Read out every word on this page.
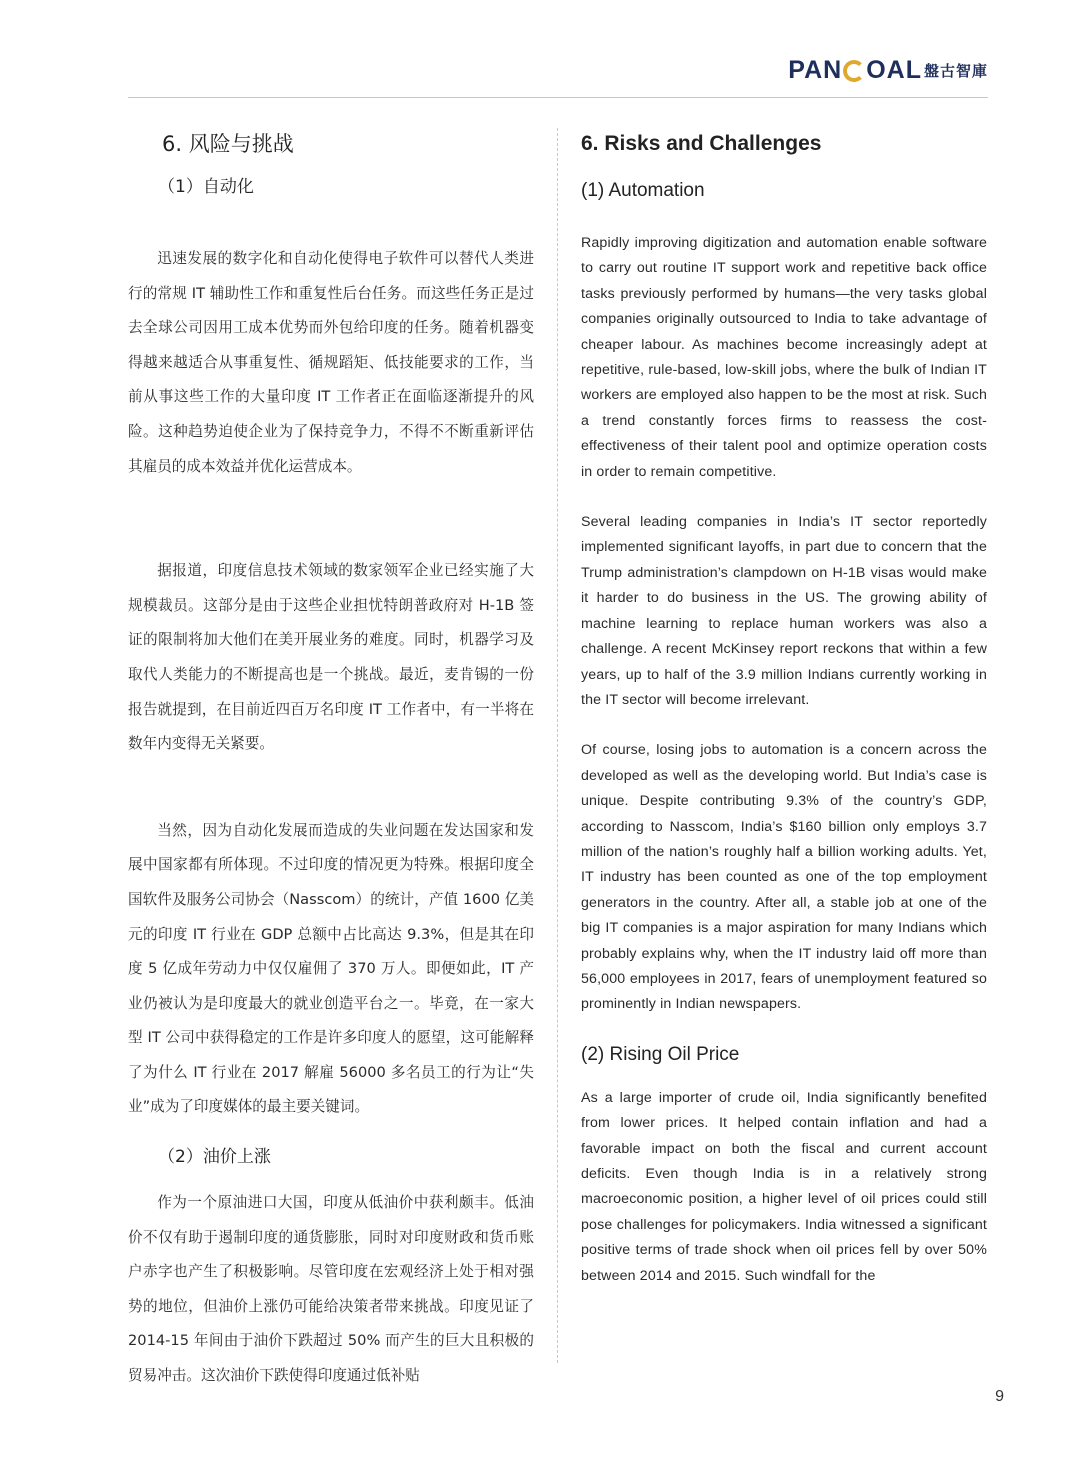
PAN OAL 盤古智庫
6. 风险与挑战
（1）自动化

迅速发展的数字化和自动化使得电子软件可以替代人类进行的常规 IT 辅助性工作和重复性后台任务。而这些任务正是过去全球公司因用工成本优势而外包给印度的任务。随着机器变得越来越适合从事重复性、循规蹈矩、低技能要求的工作，当前从事这些工作的大量印度 IT 工作者正在面临逐渐提升的风险。这种趋势迫使企业为了保持竞争力，不得不不断重新评估其雇员的成本效益并优化运营成本。

据报道，印度信息技术领域的数家领军企业已经实施了大规模裁员。这部分是由于这些企业担忧特朗普政府对 H-1B 签证的限制将加大他们在美开展业务的难度。同时，机器学习及取代人类能力的不断提高也是一个挑战。最近，麦肯锡的一份报告就提到，在目前近四百万名印度 IT 工作者中，有一半将在数年内变得无关紧要。

当然，因为自动化发展而造成的失业问题在发达国家和发展中国家都有所体现。不过印度的情况更为特殊。根据印度全国软件及服务公司协会（Nasscom）的统计，产值 1600 亿美元的印度 IT 行业在 GDP 总额中占比高达 9.3%，但是其在印度 5 亿成年劳动力中仅仅雇佣了 370 万人。即便如此，IT 产业仍被认为是印度最大的就业创造平台之一。毕竟，在一家大型 IT 公司中获得稳定的工作是许多印度人的愿望，这可能解释了为什么 IT 行业在 2017 解雇 56000 多名员工的行为让“失业”成为了印度媒体的最主要关键词。

（2）油价上涨

作为一个原油进口大国，印度从低油价中获利颇丰。低油价不仅有助于遏制印度的通货膨胀，同时对印度财政和货币账户赤字也产生了积极影响。尽管印度在宏观经济上处于相对强势的地位，但油价上涨仍可能给决策者带来挑战。印度见证了 2014-15 年间由于油价下跌超过 50% 而产生的巨大且积极的贸易冲击。这次油价下跌使得印度通过低补贴

6. Risks and Challenges
(1) Automation

Rapidly improving digitization and automation enable software to carry out routine IT support work and repetitive back office tasks previously performed by humans—the very tasks global companies originally outsourced to India to take advantage of cheaper labour. As machines become increasingly adept at repetitive, rule-based, low-skill jobs, where the bulk of Indian IT workers are employed also happen to be the most at risk. Such a trend constantly forces firms to reassess the cost-effectiveness of their talent pool and optimize operation costs in order to remain competitive.

Several leading companies in India’s IT sector reportedly implemented significant layoffs, in part due to concern that the Trump administration’s clampdown on H-1B visas would make it harder to do business in the US. The growing ability of machine learning to replace human workers was also a challenge. A recent McKinsey report reckons that within a few years, up to half of the 3.9 million Indians currently working in the IT sector will become irrelevant.

Of course, losing jobs to automation is a concern across the developed as well as the developing world. But India’s case is unique. Despite contributing 9.3% of the country’s GDP, according to Nasscom, India’s $160 billion only employs 3.7 million of the nation’s roughly half a billion working adults. Yet, IT industry has been counted as one of the top employment generators in the country. After all, a stable job at one of the big IT companies is a major aspiration for many Indians which probably explains why, when the IT industry laid off more than 56,000 employees in 2017, fears of unemployment featured so prominently in Indian newspapers.

(2) Rising Oil Price

As a large importer of crude oil, India significantly benefited from lower prices. It helped contain inflation and had a favorable impact on both the fiscal and current account deficits. Even though India is in a relatively strong macroeconomic position, a higher level of oil prices could still pose challenges for policymakers. India witnessed a significant positive terms of trade shock when oil prices fell by over 50% between 2014 and 2015. Such windfall for the

9
